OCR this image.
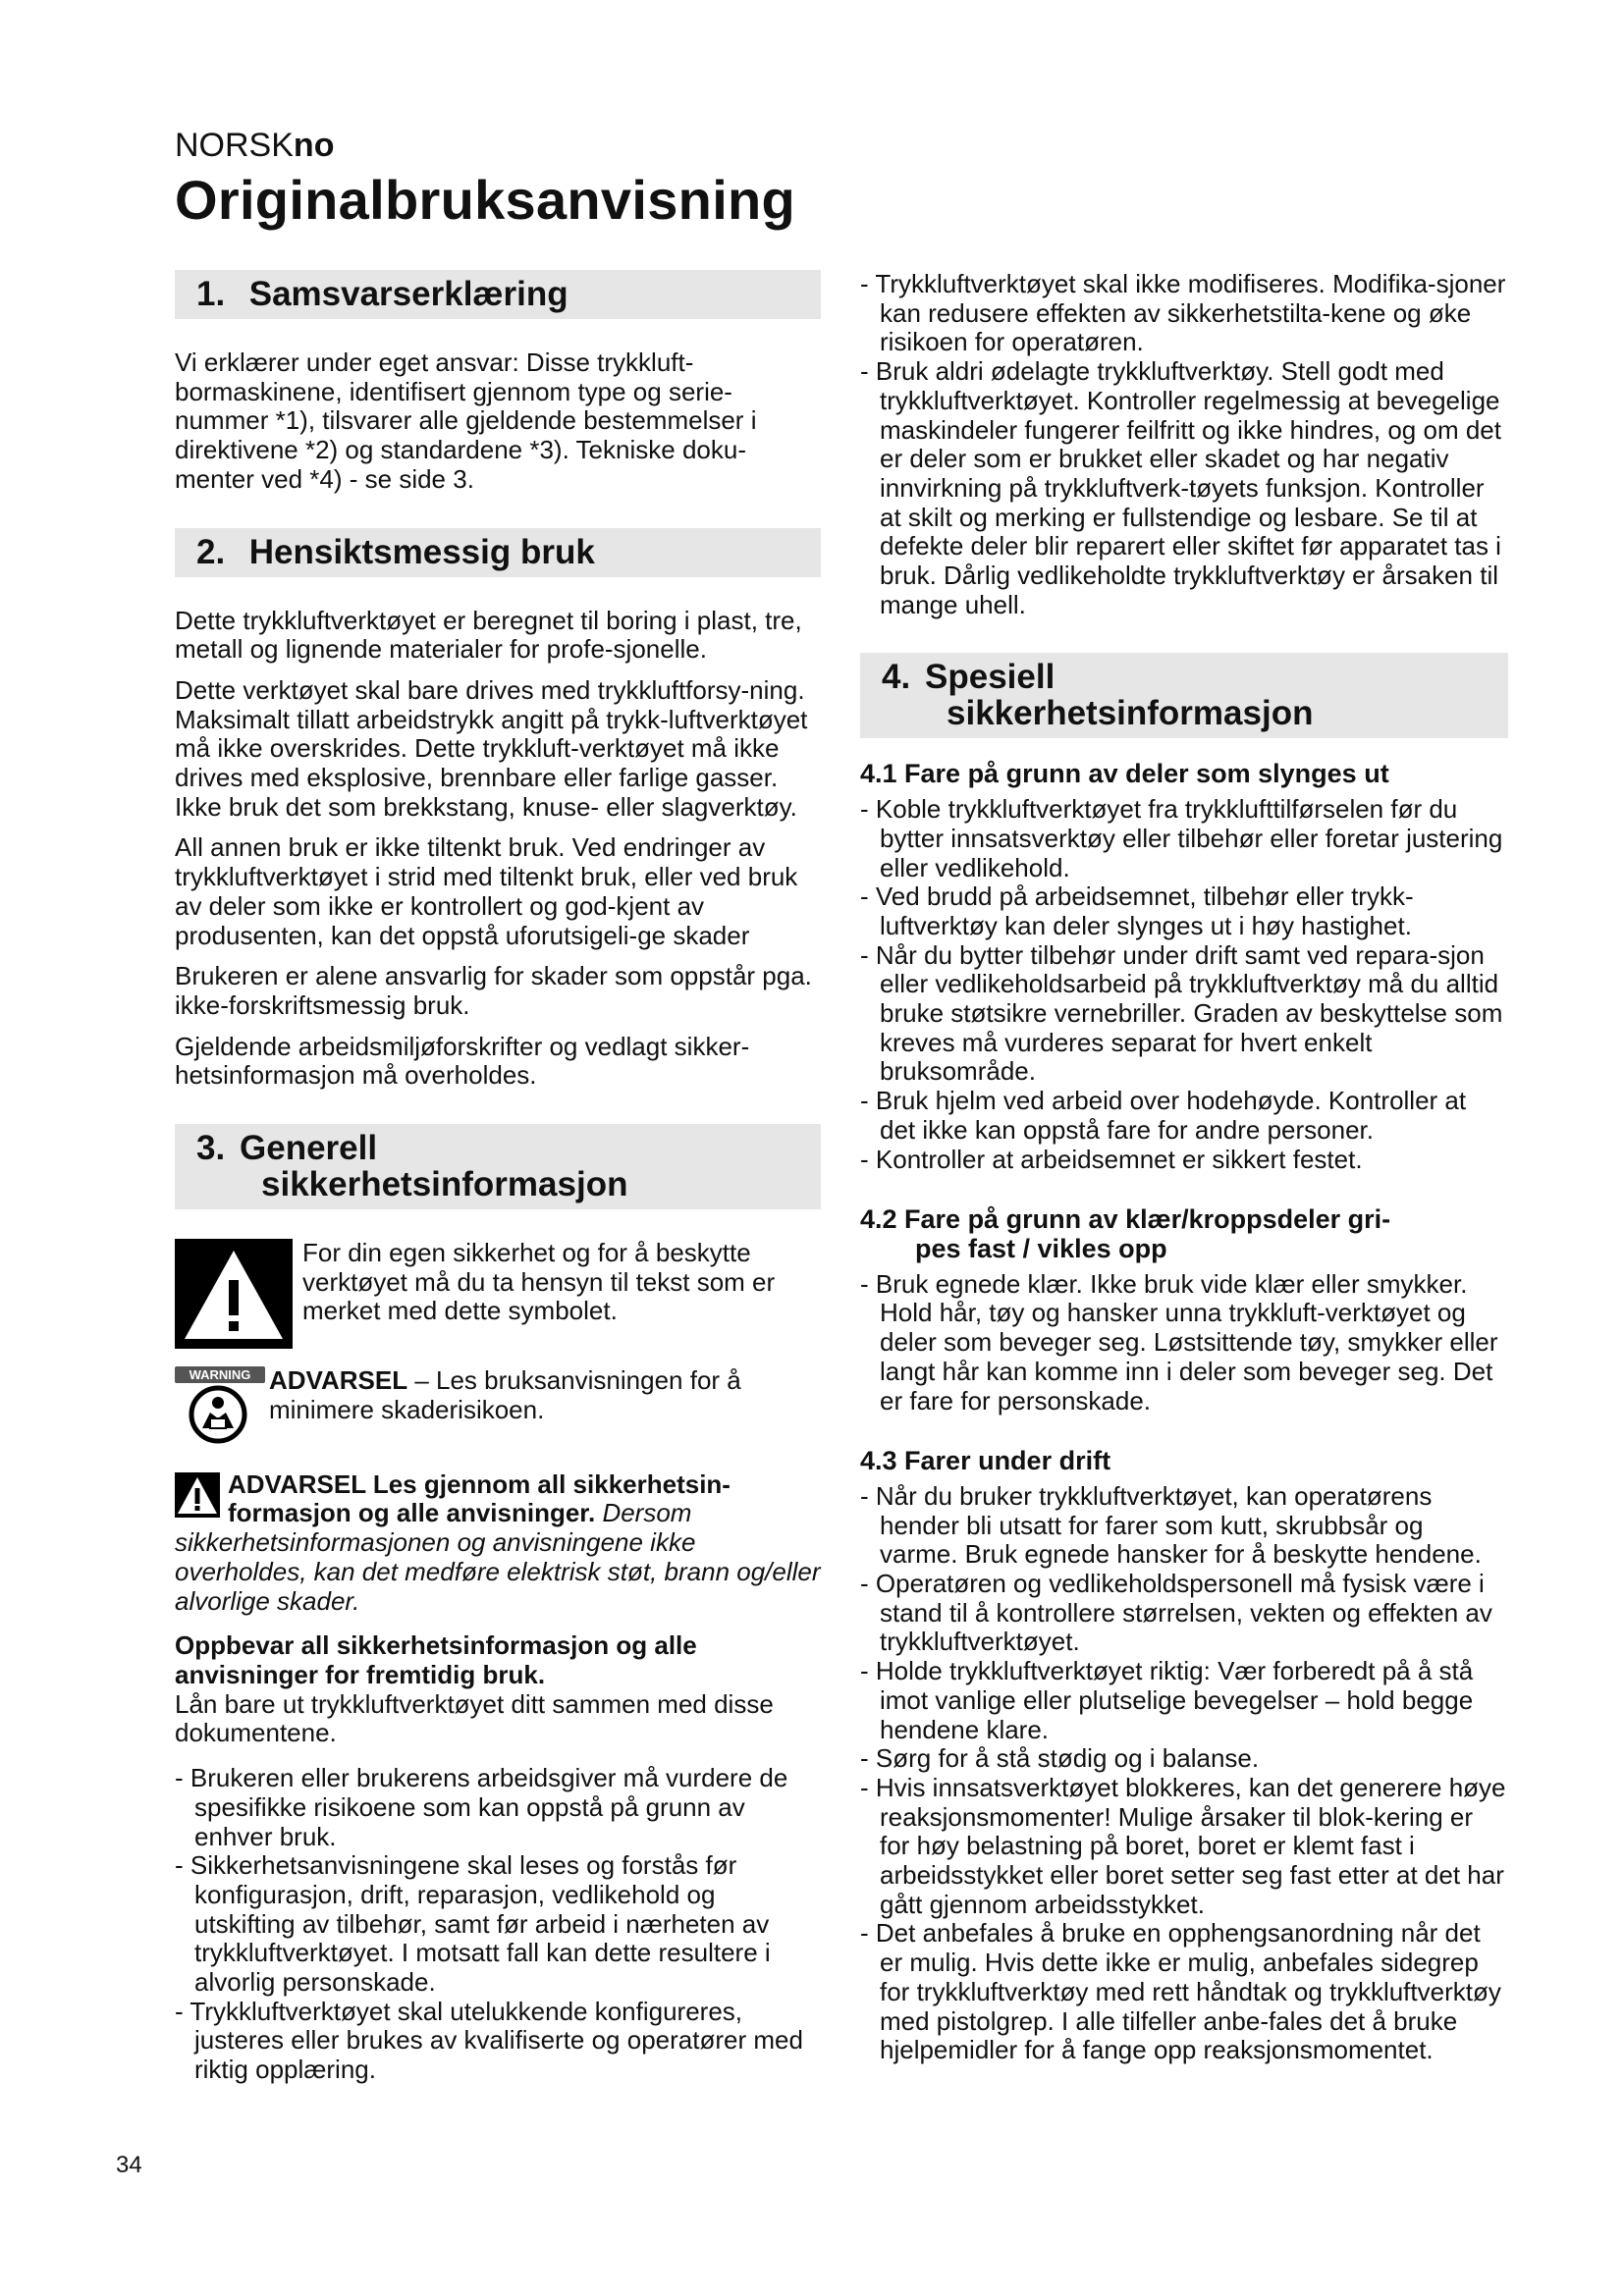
NORSKno
Originalbruksanvisning
1. Samsvarserklæring

Vi erklærer under eget ansvar: Disse trykkluft-bormaskinene, identifisert gjennom type og serie-nummer *1), tilsvarer alle gjeldende bestemmelser i direktivene *2) og standardene *3). Tekniske doku-menter ved *4) - se side 3.

2. Hensiktsmessig bruk

Dette trykkluftverktøyet er beregnet til boring i plast, tre, metall og lignende materialer for profe-sjonelle.

Dette verktøyet skal bare drives med trykkluftforsy-ning. Maksimalt tillatt arbeidstrykk angitt på trykk-luftverktøyet må ikke overskrides. Dette trykkluft-verktøyet må ikke drives med eksplosive, brennbare eller farlige gasser. Ikke bruk det som brekkstang, knuse- eller slagverktøy.

All annen bruk er ikke tiltenkt bruk. Ved endringer av trykkluftverktøyet i strid med tiltenkt bruk, eller ved bruk av deler som ikke er kontrollert og god-kjent av produsenten, kan det oppstå uforutsigeli-ge skader

Brukeren er alene ansvarlig for skader som oppstår pga. ikke-forskriftsmessig bruk.

Gjeldende arbeidsmiljøforskrifter og vedlagt sikker-hetsinformasjon må overholdes.

3. Generell
sikkerhetsinformasjon
For din egen sikkerhet og for å beskytte verktøyet må du ta hensyn til tekst som er merket med dette symbolet.
WARNING ADVARSEL – Les bruksanvisningen for å minimere skaderisikoen.
ADVARSEL Les gjennom all sikkerhetsin-formasjon og alle anvisninger. Dersom sikkerhetsinformasjonen og anvisningene ikke overholdes, kan det medføre elektrisk støt, brann og/eller alvorlige skader.
Oppbevar all sikkerhetsinformasjon og alle anvisninger for fremtidig bruk.

Lån bare ut trykkluftverktøyet ditt sammen med disse dokumentene.

- Brukeren eller brukerens arbeidsgiver må vurdere de spesifikke risikoene som kan oppstå på grunn av enhver bruk.
- Sikkerhetsanvisningene skal leses og forstås før konfigurasjon, drift, reparasjon, vedlikehold og utskifting av tilbehør, samt før arbeid i nærheten av trykkluftverktøyet. I motsatt fall kan dette resultere i alvorlig personskade.
- Trykkluftverktøyet skal utelukkende konfigureres, justeres eller brukes av kvalifiserte og operatører med riktig opplæring.
- Trykkluftverktøyet skal ikke modifiseres. Modifika-sjoner kan redusere effekten av sikkerhetstilta-kene og øke risikoen for operatøren.
- Bruk aldri ødelagte trykkluftverktøy. Stell godt med trykkluftverktøyet. Kontroller regelmessig at bevegelige maskindeler fungerer feilfritt og ikke hindres, og om det er deler som er brukket eller skadet og har negativ innvirkning på trykkluftverk-tøyets funksjon. Kontroller at skilt og merking er fullstendige og lesbare. Se til at defekte deler blir reparert eller skiftet før apparatet tas i bruk. Dårlig vedlikeholdte trykkluftverktøy er årsaken til mange uhell.
4. Spesiell
sikkerhetsinformasjon
4.1 Fare på grunn av deler som slynges ut
- Koble trykkluftverktøyet fra trykklufttilførselen før du bytter innsatsverktøy eller tilbehør eller foretar justering eller vedlikehold.
- Ved brudd på arbeidsemnet, tilbehør eller trykk-luftverktøy kan deler slynges ut i høy hastighet.
- Når du bytter tilbehør under drift samt ved repara-sjon eller vedlikeholdsarbeid på trykkluftverktøy må du alltid bruke støtsikre vernebriller. Graden av beskyttelse som kreves må vurderes separat for hvert enkelt bruksområde.
- Bruk hjelm ved arbeid over hodehøyde. Kontroller at det ikke kan oppstå fare for andre personer.
- Kontroller at arbeidsemnet er sikkert festet.
4.2 Fare på grunn av klær/kroppsdeler gri-
pes fast / vikles opp
- Bruk egnede klær. Ikke bruk vide klær eller smykker. Hold hår, tøy og hansker unna trykkluft-verktøyet og deler som beveger seg. Løstsittende tøy, smykker eller langt hår kan komme inn i deler som beveger seg. Det er fare for personskade.
4.3 Farer under drift
- Når du bruker trykkluftverktøyet, kan operatørens hender bli utsatt for farer som kutt, skrubbsår og varme. Bruk egnede hansker for å beskytte hendene.
- Operatøren og vedlikeholdspersonell må fysisk være i stand til å kontrollere størrelsen, vekten og effekten av trykkluftverktøyet.
- Holde trykkluftverktøyet riktig: Vær forberedt på å stå imot vanlige eller plutselige bevegelser – hold begge hendene klare.
- Sørg for å stå stødig og i balanse.
- Hvis innsatsverktøyet blokkeres, kan det generere høye reaksjonsmomenter! Mulige årsaker til blok-kering er for høy belastning på boret, boret er klemt fast i arbeidsstykket eller boret setter seg fast etter at det har gått gjennom arbeidsstykket.
- Det anbefales å bruke en opphengsanordning når det er mulig. Hvis dette ikke er mulig, anbefales sidegrep for trykkluftverktøy med rett håndtak og trykkluftverktøy med pistolgrep. I alle tilfeller anbe-fales det å bruke hjelpemidler for å fange opp reaksjonsmomentet.
34
